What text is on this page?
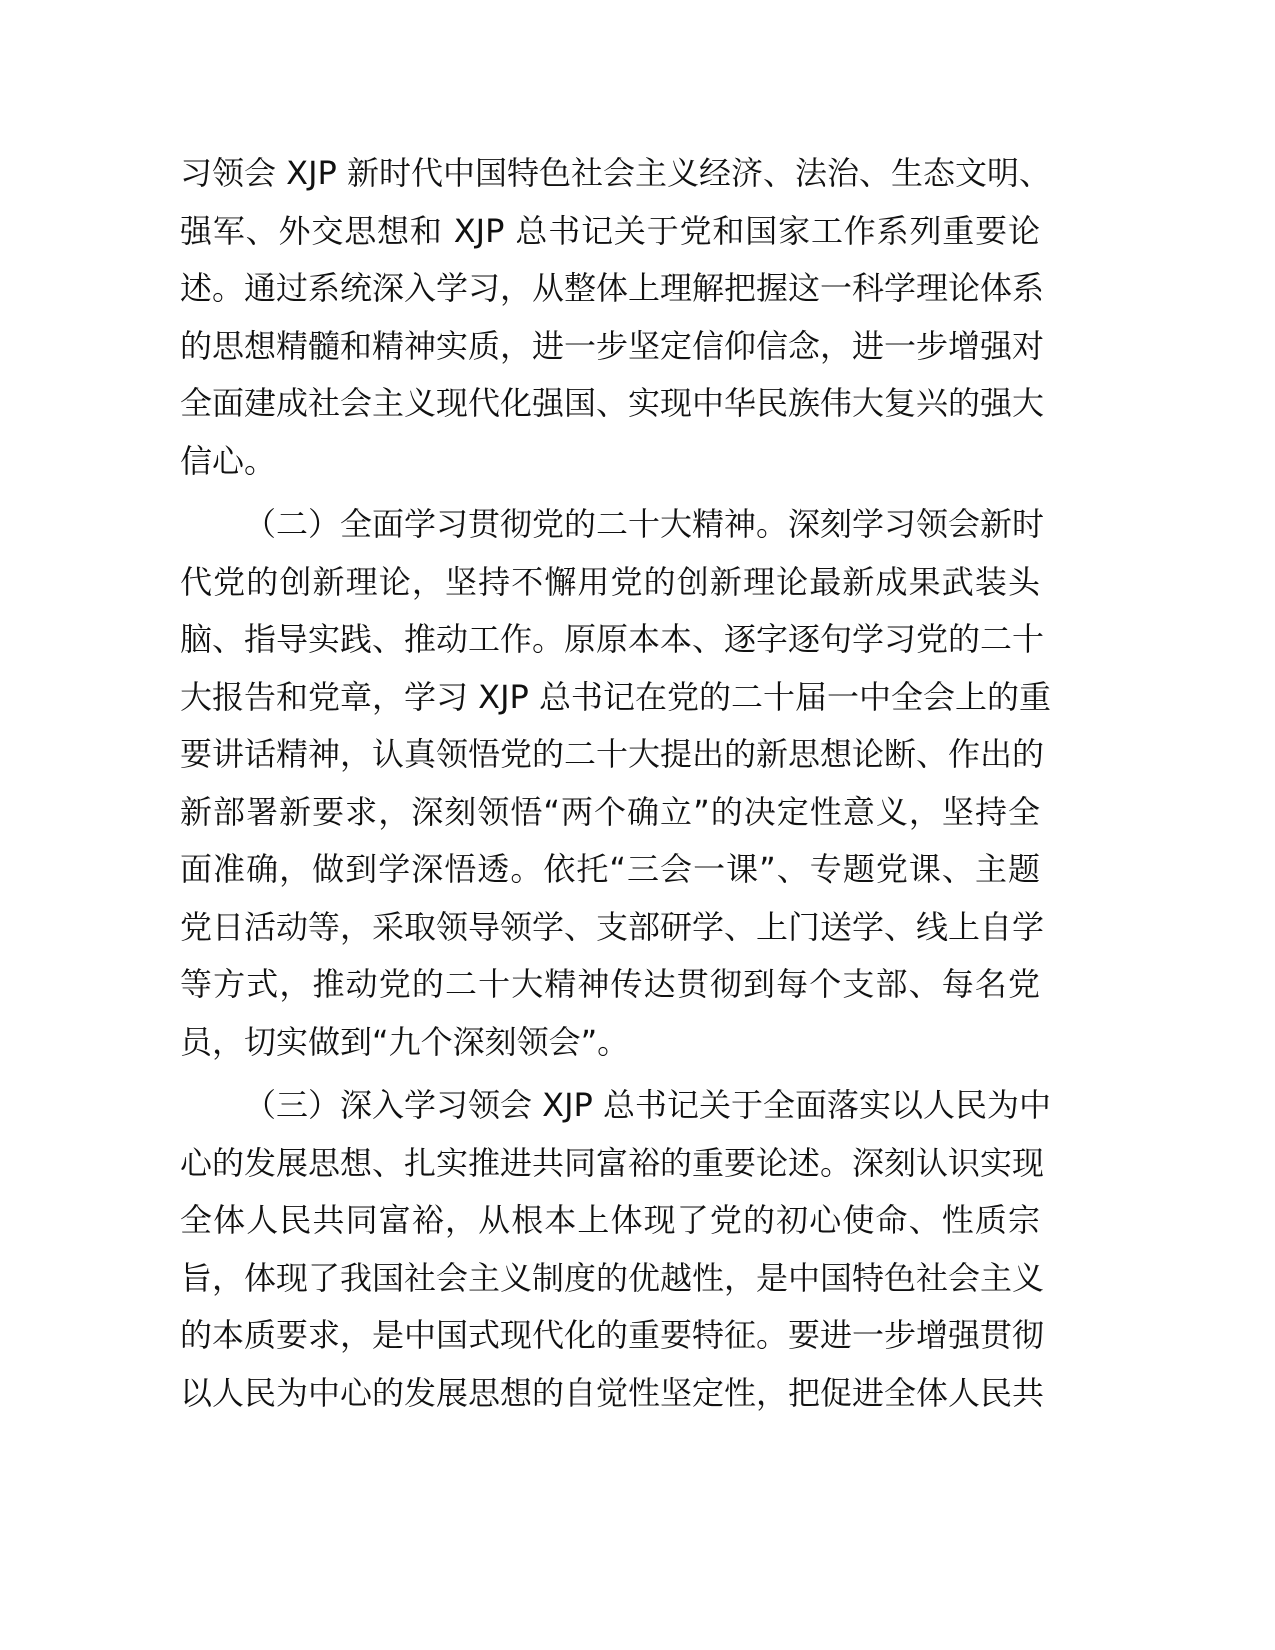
习领会 XJP 新时代中国特色社会主义经济、法治、生态文明、
强军、外交思想和 XJP 总书记关于党和国家工作系列重要论
述。通过系统深入学习，从整体上理解把握这一科学理论体系
的思想精髓和精神实质，进一步坚定信仰信念，进一步增强对
全面建成社会主义现代化强国、实现中华民族伟大复兴的强大
信心。
（二）全面学习贯彻党的二十大精神。深刻学习领会新时
代党的创新理论，坚持不懈用党的创新理论最新成果武装头
脑、指导实践、推动工作。原原本本、逐字逐句学习党的二十
大报告和党章，学习 XJP 总书记在党的二十届一中全会上的重
要讲话精神，认真领悟党的二十大提出的新思想论断、作出的
新部署新要求，深刻领悟“两个确立”的决定性意义，坚持全
面准确，做到学深悟透。依托“三会一课”、专题党课、主题
党日活动等，采取领导领学、支部研学、上门送学、线上自学
等方式，推动党的二十大精神传达贯彻到每个支部、每名党
员，切实做到“九个深刻领会”。
（三）深入学习领会 XJP 总书记关于全面落实以人民为中
心的发展思想、扎实推进共同富裕的重要论述。深刻认识实现
全体人民共同富裕，从根本上体现了党的初心使命、性质宗
旨，体现了我国社会主义制度的优越性，是中国特色社会主义
的本质要求，是中国式现代化的重要特征。要进一步增强贯彻
以人民为中心的发展思想的自觉性坚定性，把促进全体人民共
